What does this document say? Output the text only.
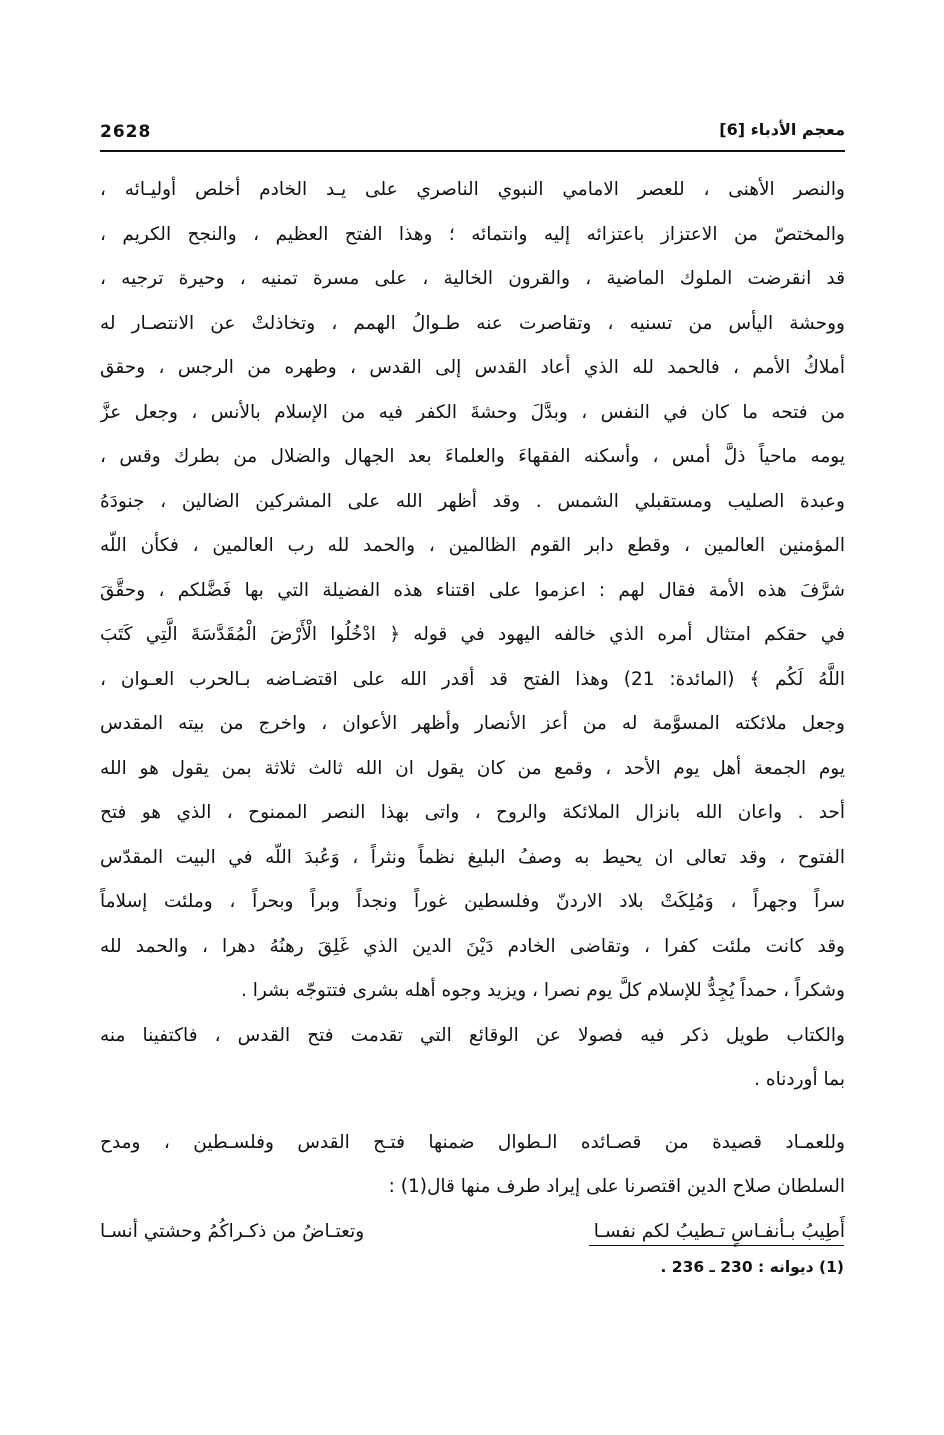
2628	معجم الأدباء [6]
والنصر الأهنى ، للعصر الامامي النبوي الناصري على يـد الخادم أخلص أوليـائه ،
والمختصّ من الاعتزاز باعتزائه إليه وانتمائه ؛ وهذا الفتح العظيم ، والنجح الكريم ،
قد انقرضت الملوك الماضية ، والقرون الخالية ، على مسرة تمنيه ، وحيرة ترجيه ،
ووحشة اليأس من تسنيه ، وتقاصرت عنه طـوالُ الهمم ، وتخاذلتْ عن الانتصـار له
أملاكُ الأمم ، فالحمد لله الذي أعاد القدس إلى القدس ، وطهره من الرجس ، وحقق
من فتحه ما كان في النفس ، وبدَّلَ وحشةَ الكفر فيه من الإسلام بالأنس ، وجعل عزَّ
يومه ماحياً ذلَّ أمس ، وأسكنه الفقهاءَ والعلماءَ بعد الجهال والضلال من بطرك وقس ،
وعبدة الصليب ومستقبلي الشمس . وقد أظهر الله على المشركين الضالين ، جنودَهُ
المؤمنين العالمين ، وقطع دابر القوم الظالمين ، والحمد لله رب العالمين ، فكأن اللّه
شرَّفَ هذه الأمة فقال لهم : اعزموا على اقتناء هذه الفضيلة التي بها فَضَّلكم ، وحقَّقَ
في حقكم امتثال أمره الذي خالفه اليهود في قوله ﴿ ادْخُلُوا الْأَرْضَ الْمُقَدَّسَةَ الَّتِي كَتَبَ
اللَّهُ لَكُم ﴾ (المائدة: 21) وهذا الفتح قد أقدر الله على اقتضـاضه بـالحرب العـوان ،
وجعل ملائكته المسوَّمة له من أعز الأنصار وأظهر الأعوان ، واخرج من بيته المقدس
يوم الجمعة أهل يوم الأحد ، وقمع من كان يقول ان الله ثالث ثلاثة بمن يقول هو الله
أحد . واعان الله بانزال الملائكة والروح ، واتى بهذا النصر الممنوح ، الذي هو فتح
الفتوح ، وقد تعالى ان يحيط به وصفُ البليغ نظماً ونثراً ، وَعُبدَ اللّه في البيت المقدّس
سراً وجهراً ، وَمُلِكَتْ بلاد الاردنّ وفلسطين غوراً ونجداً وبراً وبحراً ، وملئت إسلاماً
وقد كانت ملئت كفرا ، وتقاضى الخادم دَيْنَ الدين الذي غَلِقَ رهنُهُ دهرا ، والحمد لله
وشكراً ، حمداً يُجِدُّ للإسلام كلَّ يوم نصرا ، ويزيد وجوه أهله بشرى فتتوجّه بشرا .
والكتاب طويل ذكر فيه فصولا عن الوقائع التي تقدمت فتح القدس ، فاكتفينا منه
بما أوردناه .
وللعمـاد قصيدة من قصـائده الـطوال ضمنها فتـح القدس وفلسـطين ، ومدح
السلطان صلاح الدين اقتصرنا على إيراد طرف منها قال(1) :
أَطِيبُ بـأنفـاسٍ تـطيبُ لكم نفسـا
وتعتـاضُ من ذكـراكُمُ وحشتي أنسـا
(1) ديوانه : 230 ـ 236 .
